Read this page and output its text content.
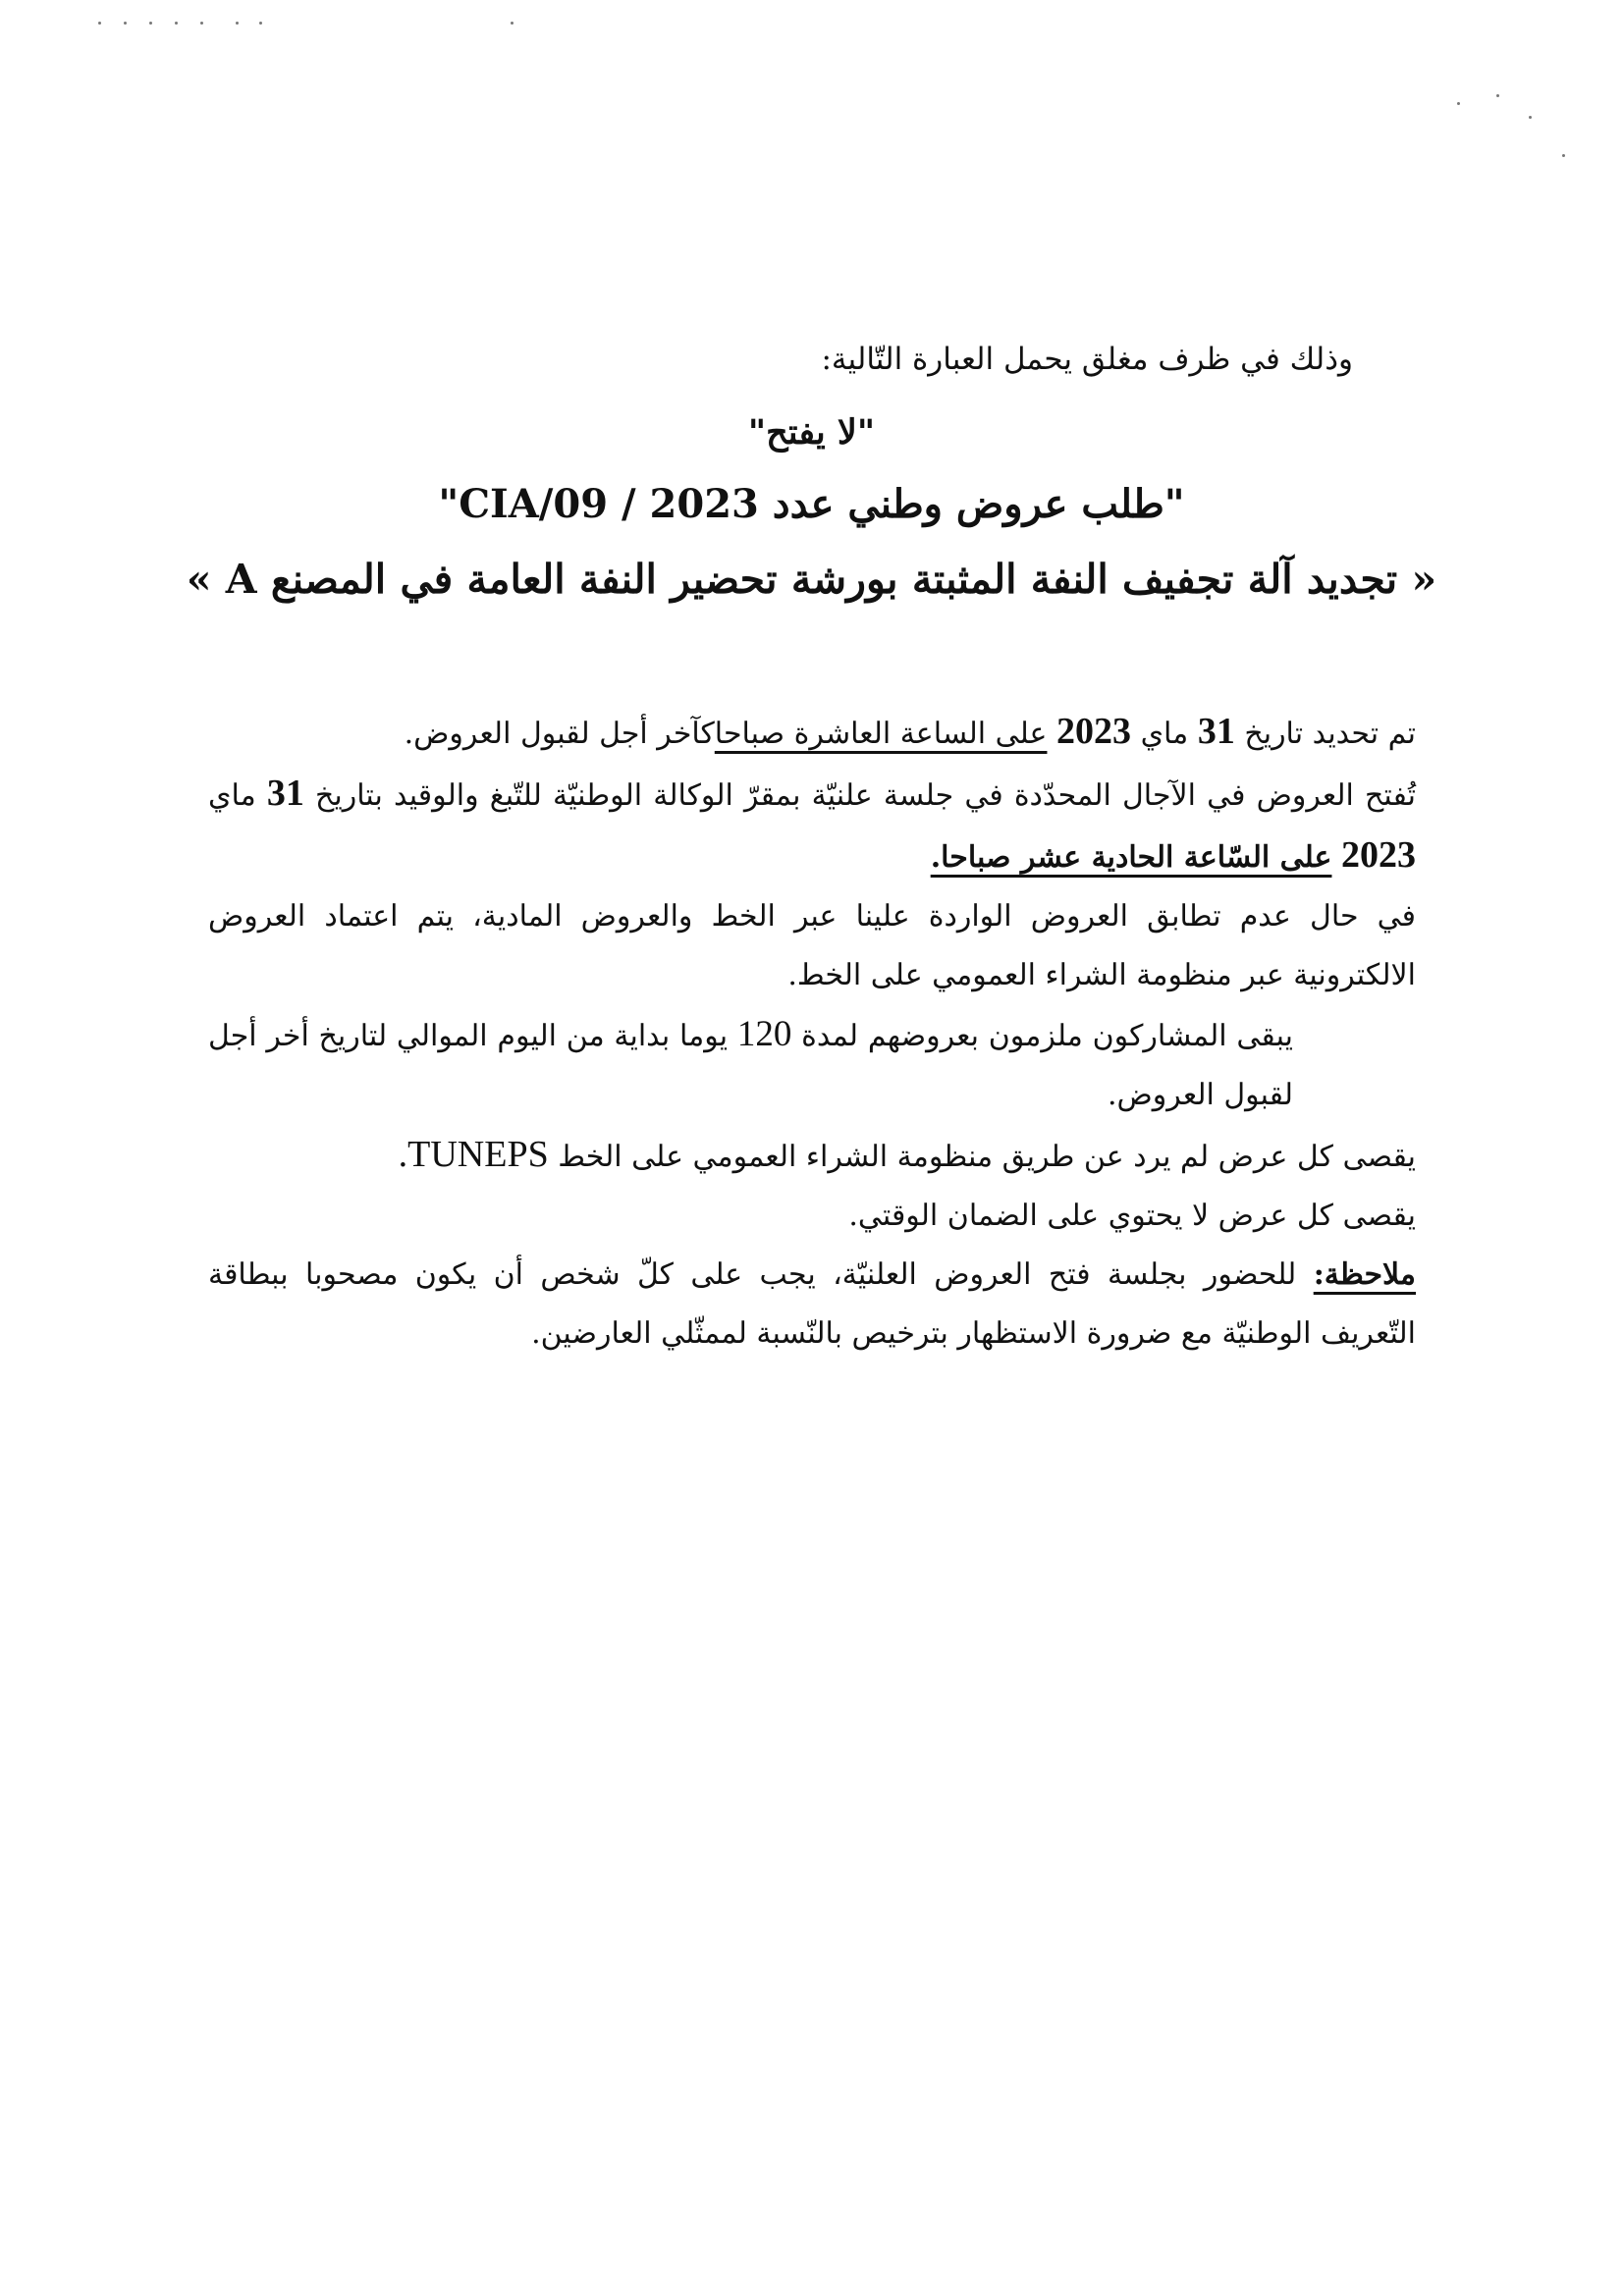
وذلك في ظرف مغلق يحمل العبارة التّالية:
"لا يفتح"
"طلب عروض وطني عدد 2023 / CIA/09"
« تجديد آلة تجفيف النفة المثبتة بورشة تحضير النفة العامة في المصنع A »

تم تحديد تاريخ 31 ماي 2023 على الساعة العاشرة صباحاكآخر أجل لقبول العروض.

تُفتح العروض في الآجال المحدّدة في جلسة علنيّة بمقرّ الوكالة الوطنيّة للتّبغ والوقيد بتاريخ 31 ماي 2023 على السّاعة الحادية عشر صباحا.

في حال عدم تطابق العروض الواردة علينا عبر الخط والعروض المادية، يتم اعتماد العروض الالكترونية عبر منظومة الشراء العمومي على الخط.

يبقى المشاركون ملزمون بعروضهم لمدة 120 يوما بداية من اليوم الموالي لتاريخ أخر أجل لقبول العروض.

يقصى كل عرض لم يرد عن طريق منظومة الشراء العمومي على الخط TUNEPS.

يقصى كل عرض لا يحتوي على الضمان الوقتي.

ملاحظة: للحضور بجلسة فتح العروض العلنيّة، يجب على كلّ شخص أن يكون مصحوبا ببطاقة التّعريف الوطنيّة مع ضرورة الاستظهار بترخيص بالنّسبة لممثّلي العارضين.
